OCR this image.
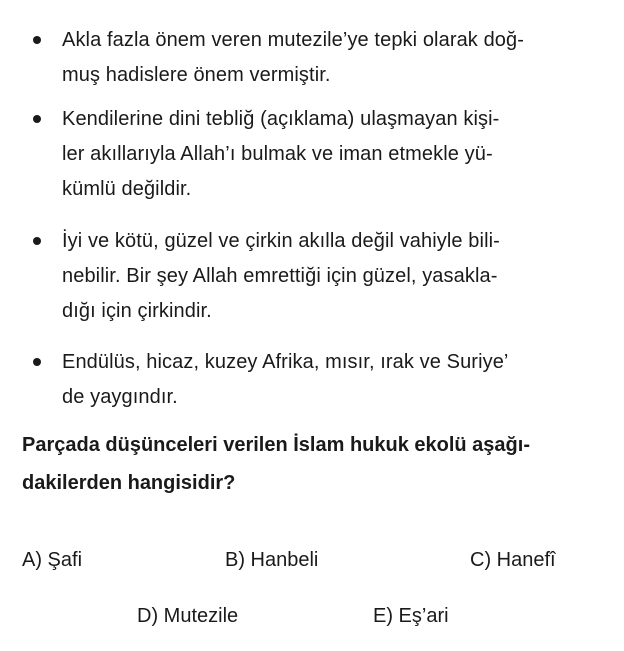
Akla fazla önem veren mutezile’ye tepki olarak doğ-
muş hadislere önem vermiştir.
Kendilerine dini tebliğ (açıklama) ulaşmayan kişi-
ler akıllarıyla Allah’ı bulmak ve iman etmekle yü-
kümlü değildir.
İyi ve kötü, güzel ve çirkin akılla değil vahiyle bili-
nebilir. Bir şey Allah emrettiği için güzel, yasakla-
dığı için çirkindir.
Endülüs, hicaz, kuzey Afrika, mısır, ırak ve Suriye’
de yaygındır.
Parçada düşünceleri verilen İslam hukuk ekolü aşağı-
dakilerden hangisidir?
A) Şafi	B) Hanbeli	C) Hanefî
D) Mutezile	E) Eş’ari
